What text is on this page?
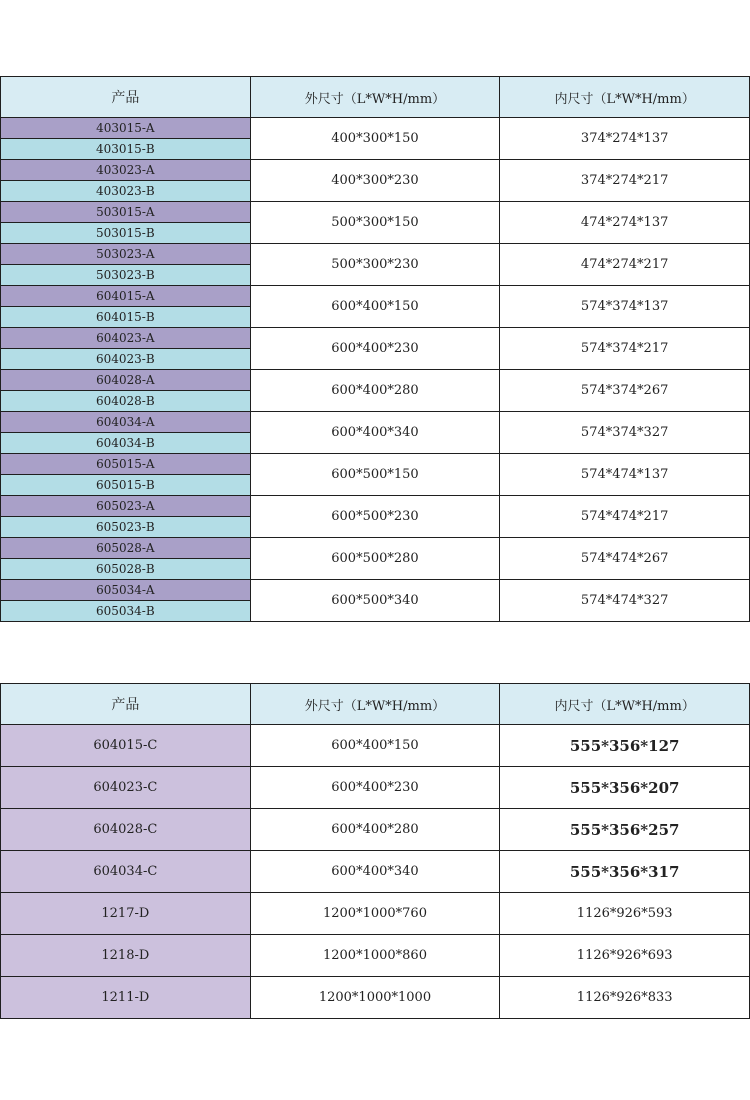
产品	外尺寸（L*W*H/mm）	内尺寸（L*W*H/mm）
403015-A	400*300*150	374*274*137
403015-B		
403023-A	400*300*230	374*274*217
403023-B		
503015-A	500*300*150	474*274*137
503015-B		
503023-A	500*300*230	474*274*217
503023-B		
604015-A	600*400*150	574*374*137
604015-B		
604023-A	600*400*230	574*374*217
604023-B		
604028-A	600*400*280	574*374*267
604028-B		
604034-A	600*400*340	574*374*327
604034-B		
605015-A	600*500*150	574*474*137
605015-B		
605023-A	600*500*230	574*474*217
605023-B		
605028-A	600*500*280	574*474*267
605028-B		
605034-A	600*500*340	574*474*327
605034-B		
产品	外尺寸（L*W*H/mm）	内尺寸（L*W*H/mm）
604015-C	600*400*150	555*356*127
604023-C	600*400*230	555*356*207
604028-C	600*400*280	555*356*257
604034-C	600*400*340	555*356*317
1217-D	1200*1000*760	1126*926*593
1218-D	1200*1000*860	1126*926*693
1211-D	1200*1000*1000	1126*926*833
